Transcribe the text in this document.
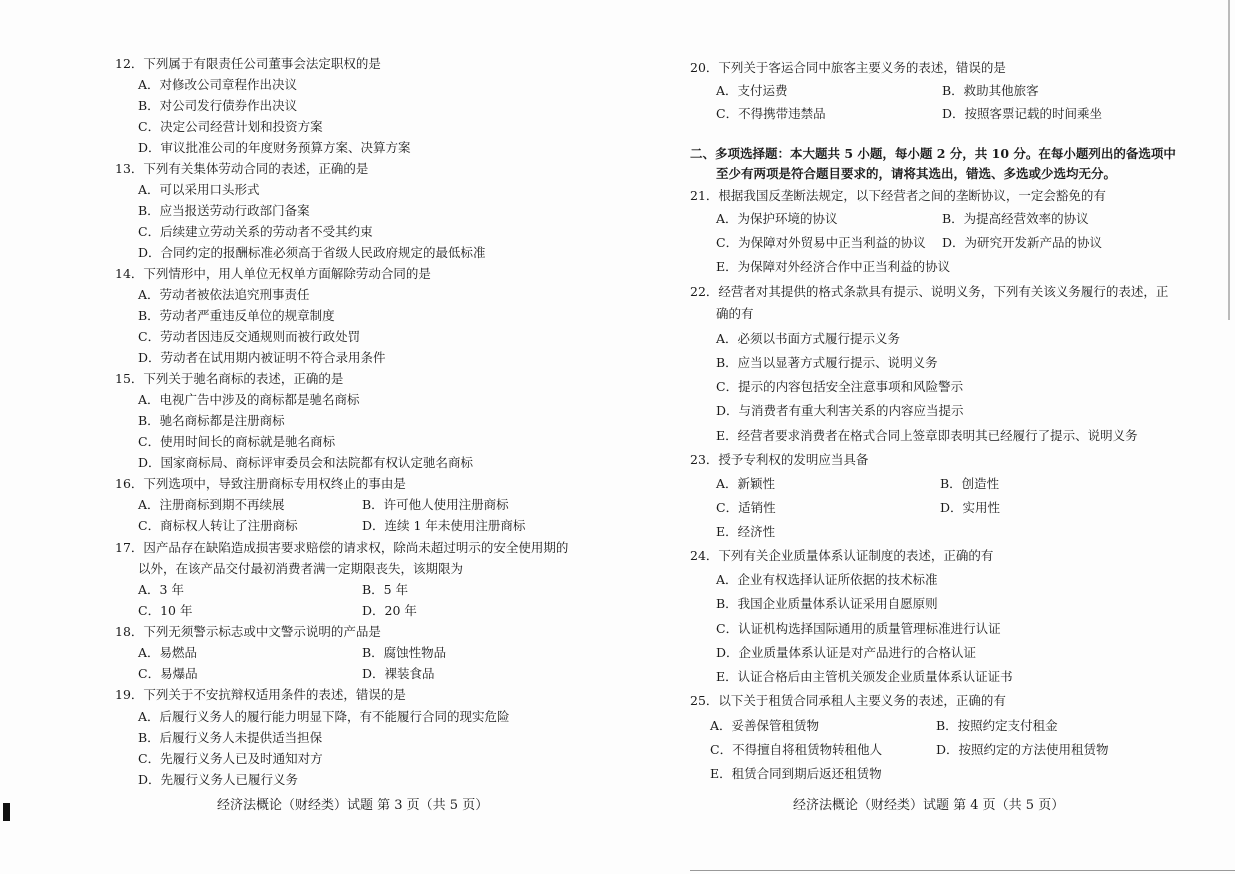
12．下列属于有限责任公司董事会法定职权的是
A．对修改公司章程作出决议
B．对公司发行债券作出决议
C．决定公司经营计划和投资方案
D．审议批准公司的年度财务预算方案、决算方案
13．下列有关集体劳动合同的表述，正确的是
A．可以采用口头形式
B．应当报送劳动行政部门备案
C．后续建立劳动关系的劳动者不受其约束
D．合同约定的报酬标准必须高于省级人民政府规定的最低标准
14．下列情形中，用人单位无权单方面解除劳动合同的是
A．劳动者被依法追究刑事责任
B．劳动者严重违反单位的规章制度
C．劳动者因违反交通规则而被行政处罚
D．劳动者在试用期内被证明不符合录用条件
15．下列关于驰名商标的表述，正确的是
A．电视广告中涉及的商标都是驰名商标
B．驰名商标都是注册商标
C．使用时间长的商标就是驰名商标
D．国家商标局、商标评审委员会和法院都有权认定驰名商标
16．下列选项中，导致注册商标专用权终止的事由是
A．注册商标到期不再续展	B．许可他人使用注册商标
C．商标权人转让了注册商标	D．连续 1 年未使用注册商标
17．因产品存在缺陷造成损害要求赔偿的请求权，除尚未超过明示的安全使用期的
以外，在该产品交付最初消费者满一定期限丧失，该期限为
A．3 年	B．5 年
C．10 年	D．20 年
18．下列无须警示标志或中文警示说明的产品是
A．易燃品	B．腐蚀性物品
C．易爆品	D．裸装食品
19．下列关于不安抗辩权适用条件的表述，错误的是
A．后履行义务人的履行能力明显下降，有不能履行合同的现实危险
B．后履行义务人未提供适当担保
C．先履行义务人已及时通知对方
D．先履行义务人已履行义务
20．下列关于客运合同中旅客主要义务的表述，错误的是
A．支付运费	B．救助其他旅客
C．不得携带违禁品	D．按照客票记载的时间乘坐
二、多项选择题：本大题共 5 小题，每小题 2 分，共 10 分。在每小题列出的备选项中
至少有两项是符合题目要求的，请将其选出，错选、多选或少选均无分。
21．根据我国反垄断法规定，以下经营者之间的垄断协议，一定会豁免的有
A．为保护环境的协议	B．为提高经营效率的协议
C．为保障对外贸易中正当利益的协议 D．为研究开发新产品的协议
E．为保障对外经济合作中正当利益的协议
22．经营者对其提供的格式条款具有提示、说明义务，下列有关该义务履行的表述，正
确的有
A．必须以书面方式履行提示义务
B．应当以显著方式履行提示、说明义务
C．提示的内容包括安全注意事项和风险警示
D．与消费者有重大利害关系的内容应当提示
E．经营者要求消费者在格式合同上签章即表明其已经履行了提示、说明义务
23．授予专利权的发明应当具备
A．新颖性	B．创造性
C．适销性	D．实用性
E．经济性
24．下列有关企业质量体系认证制度的表述，正确的有
A．企业有权选择认证所依据的技术标准
B．我国企业质量体系认证采用自愿原则
C．认证机构选择国际通用的质量管理标准进行认证
D．企业质量体系认证是对产品进行的合格认证
E．认证合格后由主管机关颁发企业质量体系认证证书
25．以下关于租赁合同承租人主要义务的表述，正确的有
A．妥善保管租赁物	B．按照约定支付租金
C．不得擅自将租赁物转租他人	D．按照约定的方法使用租赁物
E．租赁合同到期后返还租赁物
经济法概论（财经类）试题 第 3 页（共 5 页）	经济法概论（财经类）试题 第 4 页（共 5 页）
